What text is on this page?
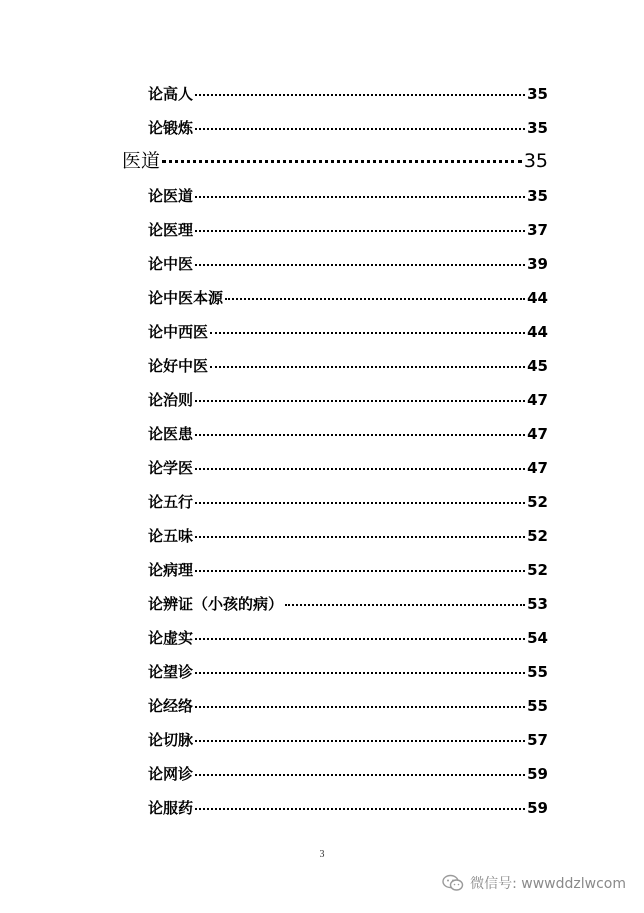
论高人	35
论锻炼	35
医道	35
论医道	35
论医理	37
论中医	39
论中医本源	44
论中西医	44
论好中医	45
论治则	47
论医患	47
论学医	47
论五行	52
论五味	52
论病理	52
论辨证（小孩的病）	53
论虚实	54
论望诊	55
论经络	55
论切脉	57
论网诊	59
论服药	59
3
微信号: wwwddzlwcom
